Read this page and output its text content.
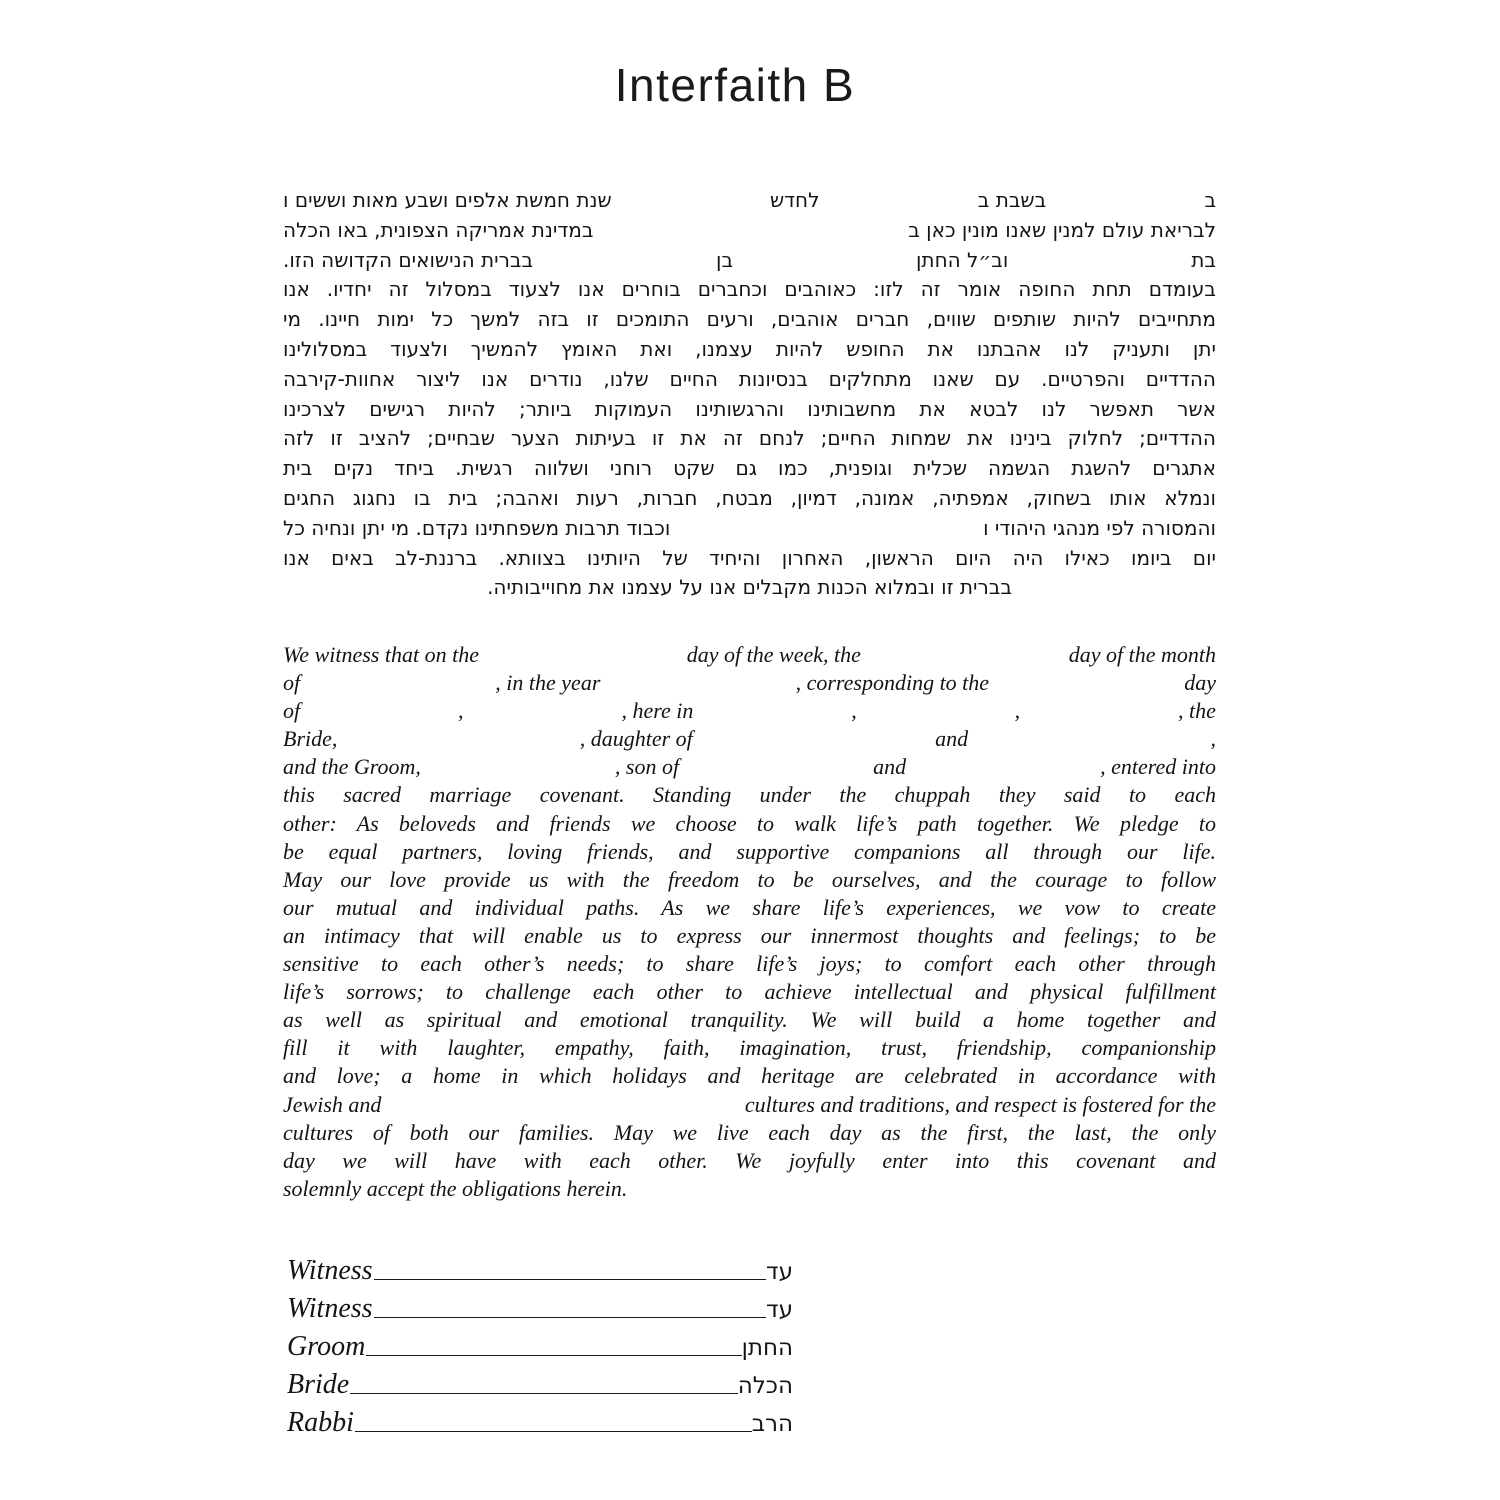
Interfaith B
ב
בשבת ב
לחדש
שנת חמשת אלפים ושבע מאות וששים ו
לבריאת עולם למנין שאנו מונין כאן ב
במדינת אמריקה הצפונית, באו הכלה
בת
וב״ל החתן
בן
בברית הנישואים הקדושה הזו.
בעומדם תחת החופה אומר זה לזו: כאוהבים וכחברים בוחרים אנו לצעוד במסלול זה יחדיו. אנו
מתחייבים להיות שותפים שווים, חברים אוהבים, ורעים התומכים זו בזה למשך כל ימות חיינו. מי
יתן ותעניק לנו אהבתנו את החופש להיות עצמנו, ואת האומץ להמשיך ולצעוד במסלולינו
ההדדיים והפרטיים. עם שאנו מתחלקים בנסיונות החיים שלנו, נודרים אנו ליצור אחוות-קירבה
אשר תאפשר לנו לבטא את מחשבותינו והרגשותינו העמוקות ביותר; להיות רגישים לצרכינו
ההדדיים; לחלוק בינינו את שמחות החיים; לנחם זה את זו בעיתות הצער שבחיים; להציב זו לזה
אתגרים להשגת הגשמה שכלית וגופנית, כמו גם שקט רוחני ושלווה רגשית. ביחד נקים בית
ונמלא אותו בשחוק, אמפתיה, אמונה, דמיון, מבטח, חברות, רעות ואהבה; בית בו נחגוג החגים
והמסורה לפי מנהגי היהודי ו
וכבוד תרבות משפחתינו נקדם. מי יתן ונחיה כל
יום ביומו כאילו היה היום הראשון, האחרון והיחיד של היותינו בצוותא. ברננת-לב באים אנו
בברית זו ובמלוא הכנות מקבלים אנו על עצמנו את מחוייבותיה.
We witness that on the	day of the week, the	day of the month
of	, in the year	, corresponding to the	day
of	,	, here in	,	,	, the
Bride,	, daughter of	and	,
and the Groom,	, son of	and	, entered into
this sacred marriage covenant. Standing under the chuppah they said to each
other: As beloveds and friends we choose to walk life’s path together. We pledge to
be equal partners, loving friends, and supportive companions all through our life.
May our love provide us with the freedom to be ourselves, and the courage to follow
our mutual and individual paths. As we share life’s experiences, we vow to create
an intimacy that will enable us to express our innermost thoughts and feelings; to be
sensitive to each other’s needs; to share life’s joys; to comfort each other through
life’s sorrows; to challenge each other to achieve intellectual and physical fulfillment
as well as spiritual and emotional tranquility. We will build a home together and
fill it with laughter, empathy, faith, imagination, trust, friendship, companionship
and love; a home in which holidays and heritage are celebrated in accordance with
Jewish and	cultures and traditions, and respect is fostered for the
cultures of both our families. May we live each day as the first, the last, the only
day we will have with each other. We joyfully enter into this covenant and
solemnly accept the obligations herein.
Witness	עד
Witness	עד
Groom	החתן
Bride	הכלה
Rabbi	הרב
